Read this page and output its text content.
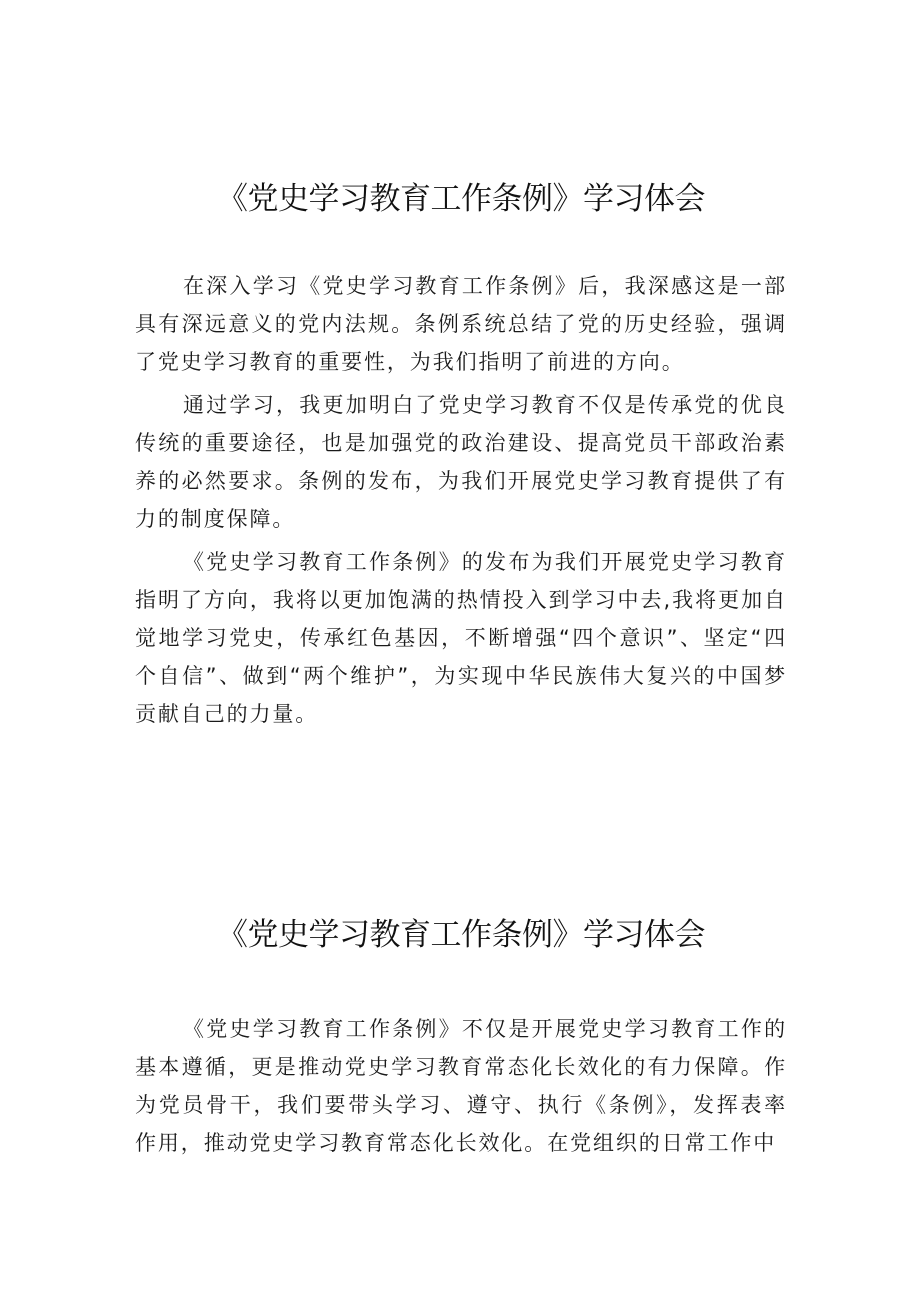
《党史学习教育工作条例》学习体会

在深入学习《党史学习教育工作条例》后，我深感这是一部具有深远意义的党内法规。条例系统总结了党的历史经验，强调了党史学习教育的重要性，为我们指明了前进的方向。

通过学习，我更加明白了党史学习教育不仅是传承党的优良传统的重要途径，也是加强党的政治建设、提高党员干部政治素养的必然要求。条例的发布，为我们开展党史学习教育提供了有力的制度保障。

《党史学习教育工作条例》的发布为我们开展党史学习教育指明了方向，我将以更加饱满的热情投入到学习中去,我将更加自觉地学习党史，传承红色基因，不断增强“四个意识”、坚定“四个自信”、做到“两个维护”，为实现中华民族伟大复兴的中国梦贡献自己的力量。

《党史学习教育工作条例》学习体会

《党史学习教育工作条例》不仅是开展党史学习教育工作的基本遵循，更是推动党史学习教育常态化长效化的有力保障。作为党员骨干，我们要带头学习、遵守、执行《条例》，发挥表率作用，推动党史学习教育常态化长效化。在党组织的日常工作中
